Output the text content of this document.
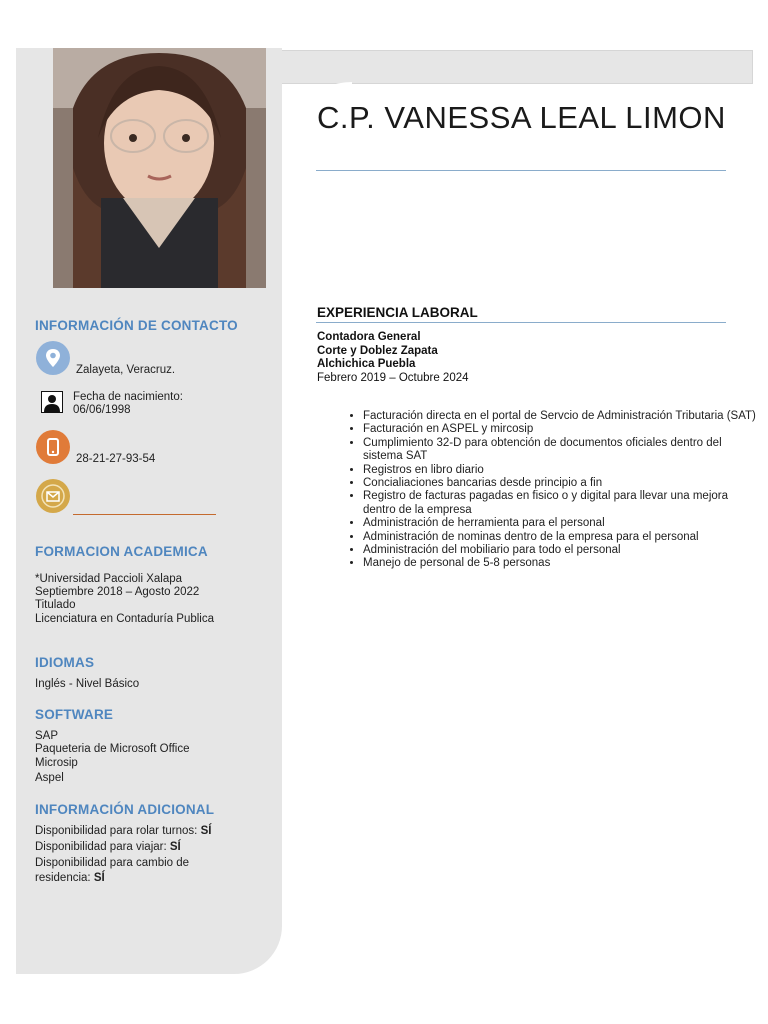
C.P. VANESSA LEAL LIMON
INFORMACIÓN DE CONTACTO
Zalayeta, Veracruz.
Fecha de nacimiento:
06/06/1998
28-21-27-93-54
FORMACION ACADEMICA
*Universidad Paccioli Xalapa
Septiembre 2018 – Agosto 2022
Titulado
Licenciatura en Contaduría Publica
IDIOMAS
Inglés - Nivel Básico
SOFTWARE
SAP
Paqueteria de Microsoft Office
Microsip
Aspel
INFORMACIÓN ADICIONAL
Disponibilidad para rolar turnos: SÍ
Disponibilidad para viajar: SÍ
Disponibilidad para cambio de
residencia: SÍ
EXPERIENCIA LABORAL
Contadora General
Corte y Doblez Zapata
Alchichica Puebla
Febrero 2019 – Octubre 2024
• Facturación directa en el portal de Servcio de Administración Tributaria (SAT)
• Facturación en ASPEL y mircosip
• Cumplimiento 32-D para obtención de documentos oficiales dentro del sistema SAT
• Registros en libro diario
• Concialiaciones bancarias desde principio a fin
• Registro de facturas pagadas en fisico o y digital para llevar una mejora dentro de la empresa
• Administración de herramienta para el personal
• Administración de nominas dentro de la empresa para el personal
• Administración del mobiliario para todo el personal
• Manejo de personal de 5-8 personas
